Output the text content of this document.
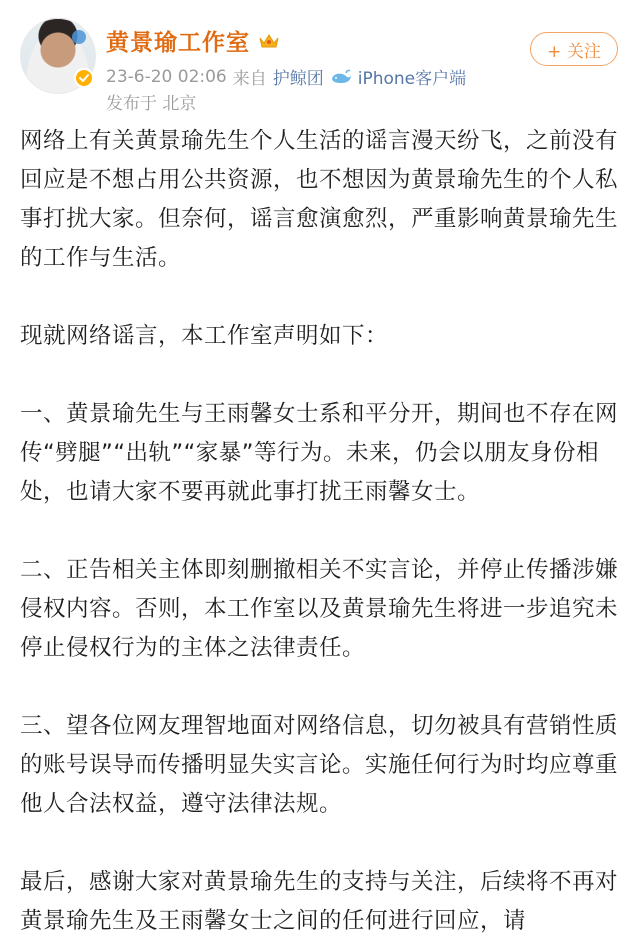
黄景瑜工作室
23-6-20 02:06 来自 护鲸团 iPhone客户端
发布于 北京
+ 关注

网络上有关黄景瑜先生个人生活的谣言漫天纷飞，之前没有回应是不想占用公共资源，也不想因为黄景瑜先生的个人私事打扰大家。但奈何，谣言愈演愈烈，严重影响黄景瑜先生的工作与生活。

现就网络谣言，本工作室声明如下：

一、黄景瑜先生与王雨馨女士系和平分开，期间也不存在网传“劈腿”“出轨”“家暴”等行为。未来，仍会以朋友身份相处，也请大家不要再就此事打扰王雨馨女士。

二、正告相关主体即刻删撤相关不实言论，并停止传播涉嫌侵权内容。否则，本工作室以及黄景瑜先生将进一步追究未停止侵权行为的主体之法律责任。

三、望各位网友理智地面对网络信息，切勿被具有营销性质的账号误导而传播明显失实言论。实施任何行为时均应尊重他人合法权益，遵守法律法规。

最后，感谢大家对黄景瑜先生的支持与关注，后续将不再对黄景瑜先生及王雨馨女士之间的任何进行回应，请
